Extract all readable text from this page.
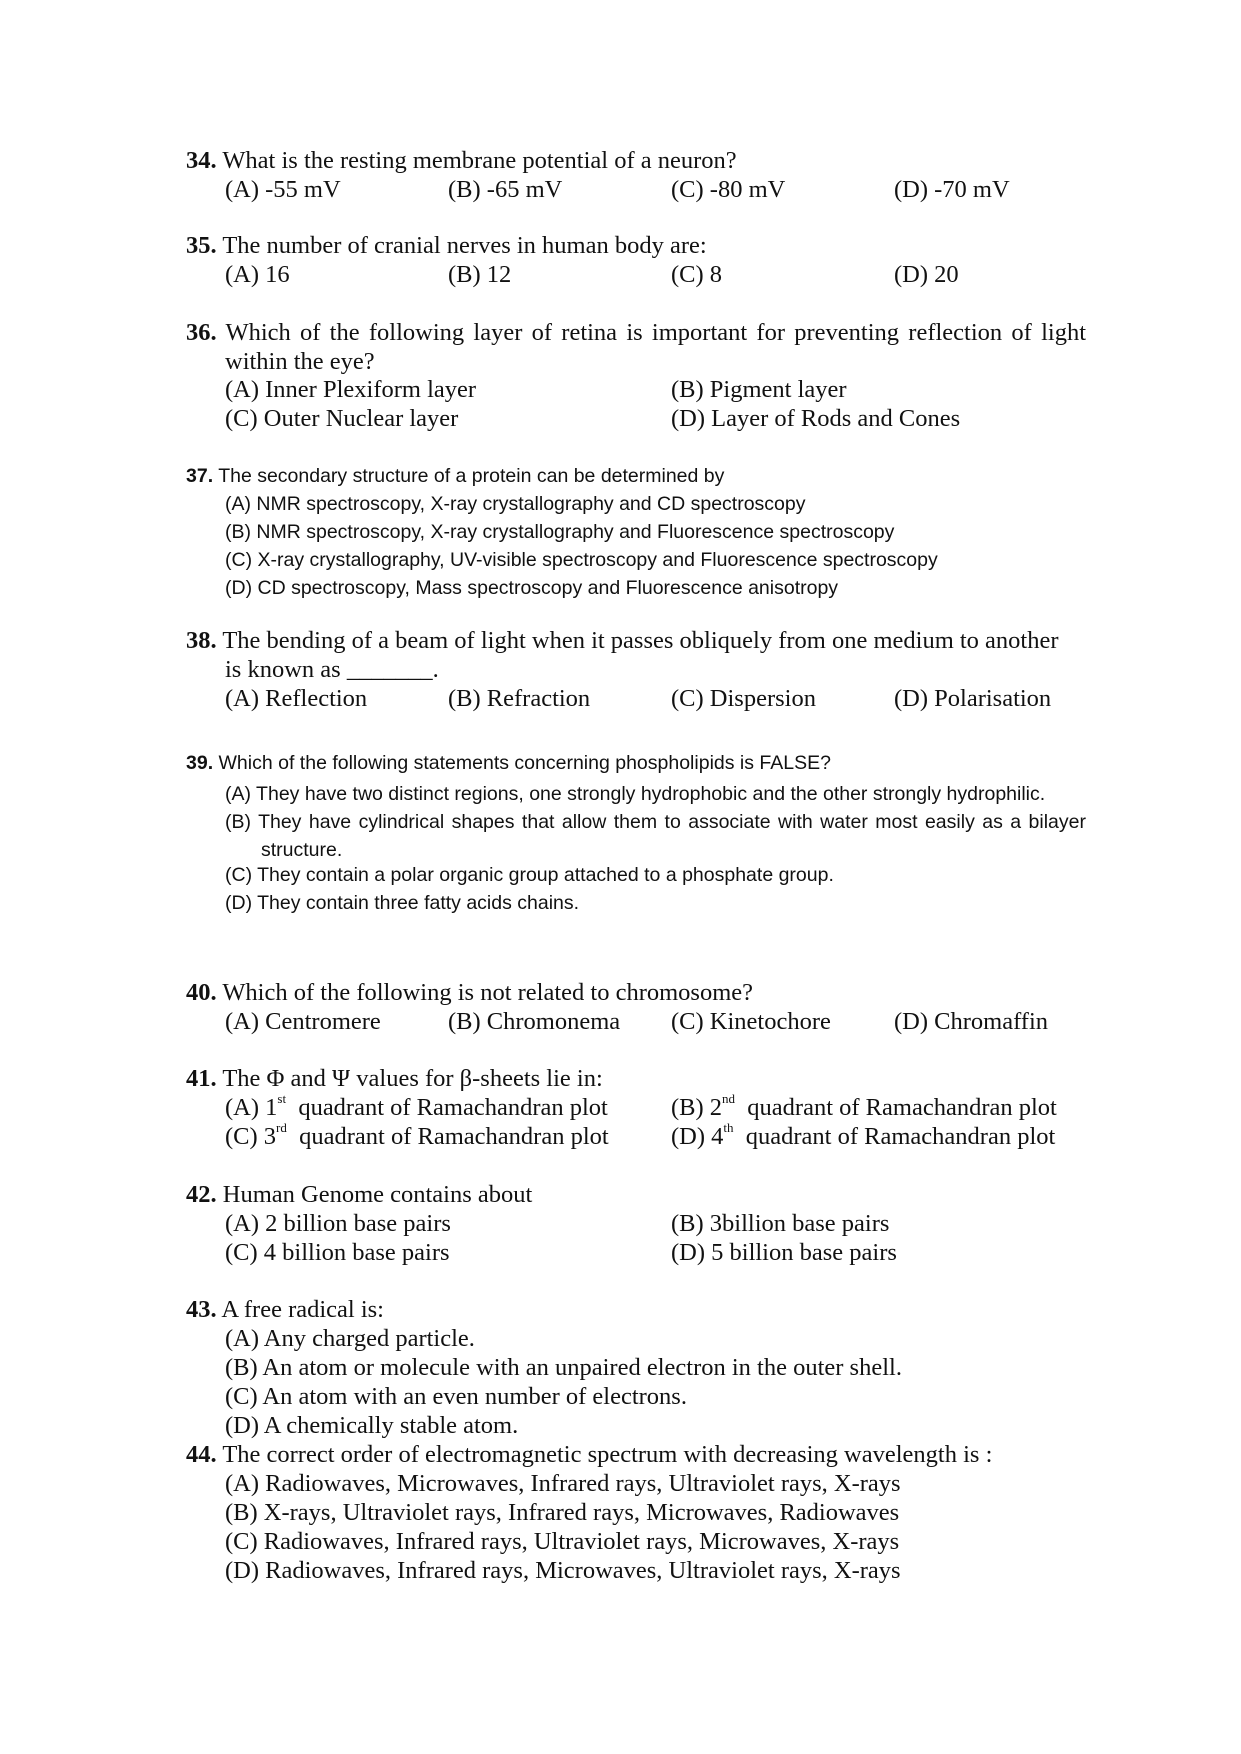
34. What is the resting membrane potential of a neuron?
(A) -55 mV	(B) -65 mV	(C) -80 mV	(D) -70 mV
35. The number of cranial nerves in human body are:
(A) 16	(B) 12	(C) 8	(D) 20
36. Which of the following layer of retina is important for preventing reflection of light within the eye?
(A) Inner Plexiform layer	(B) Pigment layer
(C) Outer Nuclear layer	(D) Layer of Rods and Cones
37. The secondary structure of a protein can be determined by
(A) NMR spectroscopy, X-ray crystallography and CD spectroscopy
(B) NMR spectroscopy, X-ray crystallography and Fluorescence spectroscopy
(C) X-ray crystallography, UV-visible spectroscopy and Fluorescence spectroscopy
(D) CD spectroscopy, Mass spectroscopy and Fluorescence anisotropy
38. The bending of a beam of light when it passes obliquely from one medium to another
is known as _______.
(A) Reflection	(B) Refraction	(C) Dispersion	(D) Polarisation
39. Which of the following statements concerning phospholipids is FALSE?
(A) They have two distinct regions, one strongly hydrophobic and the other strongly hydrophilic.
(B) They have cylindrical shapes that allow them to associate with water most easily as a bilayer structure.
(C) They contain a polar organic group attached to a phosphate group.
(D) They contain three fatty acids chains.
40. Which of the following is not related to chromosome?
(A) Centromere	(B) Chromonema (C) Kinetochore	(D) Chromaffin
41. The Φ and Ψ values for β-sheets lie in:
(A) 1st  quadrant of Ramachandran plot	(B) 2nd  quadrant of Ramachandran plot
(C) 3rd  quadrant of Ramachandran plot	(D) 4th  quadrant of Ramachandran plot
42. Human Genome contains about
(A) 2 billion base pairs	(B) 3billion base pairs
(C) 4 billion base pairs	(D) 5 billion base pairs
43. A free radical is:
(A) Any charged particle.
(B) An atom or molecule with an unpaired electron in the outer shell.
(C) An atom with an even number of electrons.
(D) A chemically stable atom.
44. The correct order of electromagnetic spectrum with decreasing wavelength is :
(A) Radiowaves, Microwaves, Infrared rays, Ultraviolet rays, X-rays
(B) X-rays, Ultraviolet rays, Infrared rays, Microwaves, Radiowaves
(C) Radiowaves, Infrared rays, Ultraviolet rays, Microwaves, X-rays
(D) Radiowaves, Infrared rays, Microwaves, Ultraviolet rays, X-rays
